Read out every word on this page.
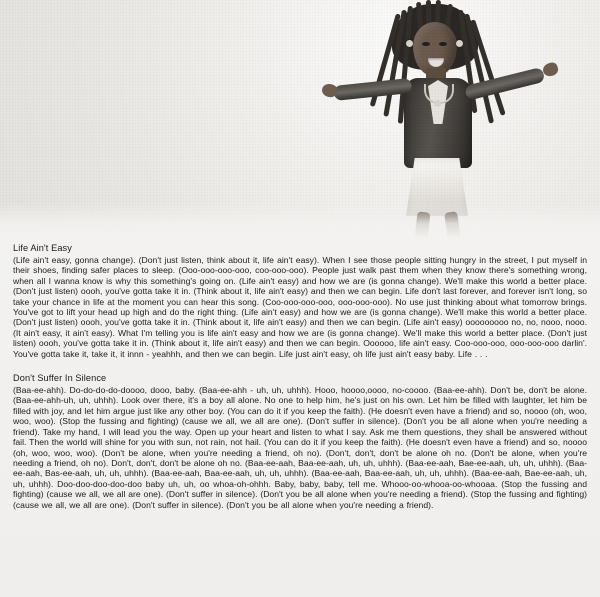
Life Ain't Easy
(Life ain't easy, gonna change). (Don't just listen, think about it, life ain't easy). When I see those people sitting hungry in the street, I put myself in their shoes, finding safer places to sleep. (Ooo-ooo-ooo-ooo, coo-ooo-ooo). People just walk past them when they know there's something wrong, when all I wanna know is why this something's going on. (Life ain't easy) and how we are (is gonna change). We'll make this world a better place. (Don't just listen) oooh, you've gotta take it in. (Think about it, life ain't easy) and then we can begin. Life don't last forever, and forever isn't long, so take your chance in life at the moment you can hear this song. (Coo-ooo-ooo-ooo, ooo-ooo-ooo). No use just thinking about what tomorrow brings. You've got to lift your head up high and do the right thing. (Life ain't easy) and how we are (is gonna change). We'll make this world a better place. (Don't just listen) oooh, you've gotta take it in. (Think about it, life ain't easy) and then we can begin. (Life ain't easy) ooooooooo no, no, nooo, nooo. (It ain't easy, it ain't easy). What I'm telling you is life ain't easy and how we are (is gonna change). We'll make this world a better place. (Don't just listen) oooh, you've gotta take it in. (Think about it, life ain't easy) and then we can begin. Oooooo, life ain't easy. Coo-ooo-ooo, ooo-ooo-ooo darlin'. You've gotta take it, take it, it innn - yeahhh, and then we can begin. Life just ain't easy, oh life just ain't easy baby. Life . . .
Don't Suffer In Silence
(Baa-ee-ahh). Do-do-do-do-doooo, dooo, baby. (Baa-ee-ahh - uh, uh, uhhh). Hooo, hoooo,oooo, no-coooo. (Baa-ee-ahh). Don't be, don't be alone. (Baa-ee-ahh-uh, uh, uhhh). Look over there, it's a boy all alone. No one to help him, he's just on his own. Let him be filled with laughter, let him be filled with joy, and let him argue just like any other boy. (You can do it if you keep the faith). (He doesn't even have a friend) and so, noooo (oh, woo, woo, woo). (Stop the fussing and fighting) (cause we all, we all are one). (Don't suffer in silence). (Don't you be all alone when you're needing a friend). Take my hand, I will lead you the way. Open up your heart and listen to what I say. Ask me them questions, they shall be answered without fail. Then the world will shine for you with sun, not rain, not hail. (You can do it if you keep the faith). (He doesn't even have a friend) and so, noooo (oh, woo, woo, woo). (Don't be alone, when you're needing a friend, oh no). (Don't, don't, don't be alone oh no. (Don't be alone, when you're needing a friend, oh no). Don't, don't, don't be alone oh no. (Baa-ee-aah, Baa-ee-aah, uh, uh, uhhh). (Baa-ee-aah, Bae-ee-aah, uh, uh, uhhh). (Baa-ee-aah, Bas-ee-aah, uh, uh, uhhh). (Baa-ee-aah, Baa-ee-aah, uh, uh, uhhh). (Baa-ee-aah, Baa-ee-aah, uh, uh, uhhh). (Baa-ee-aah, Bae-ee-aah, uh, uh, uhhh). Doo-doo-doo-doo-doo baby uh, uh, oo whoa-oh-ohhh. Baby, baby, baby, tell me. Whooo-oo-whooa-oo-whooaa. (Stop the fussing and fighting) (cause we all, we all are one). (Don't suffer in silence). (Don't you be all alone when you're needing a friend). (Stop the fussing and fighting) (cause we all, we all are one). (Don't suffer in silence). (Don't you be all alone when you're needing a friend).
